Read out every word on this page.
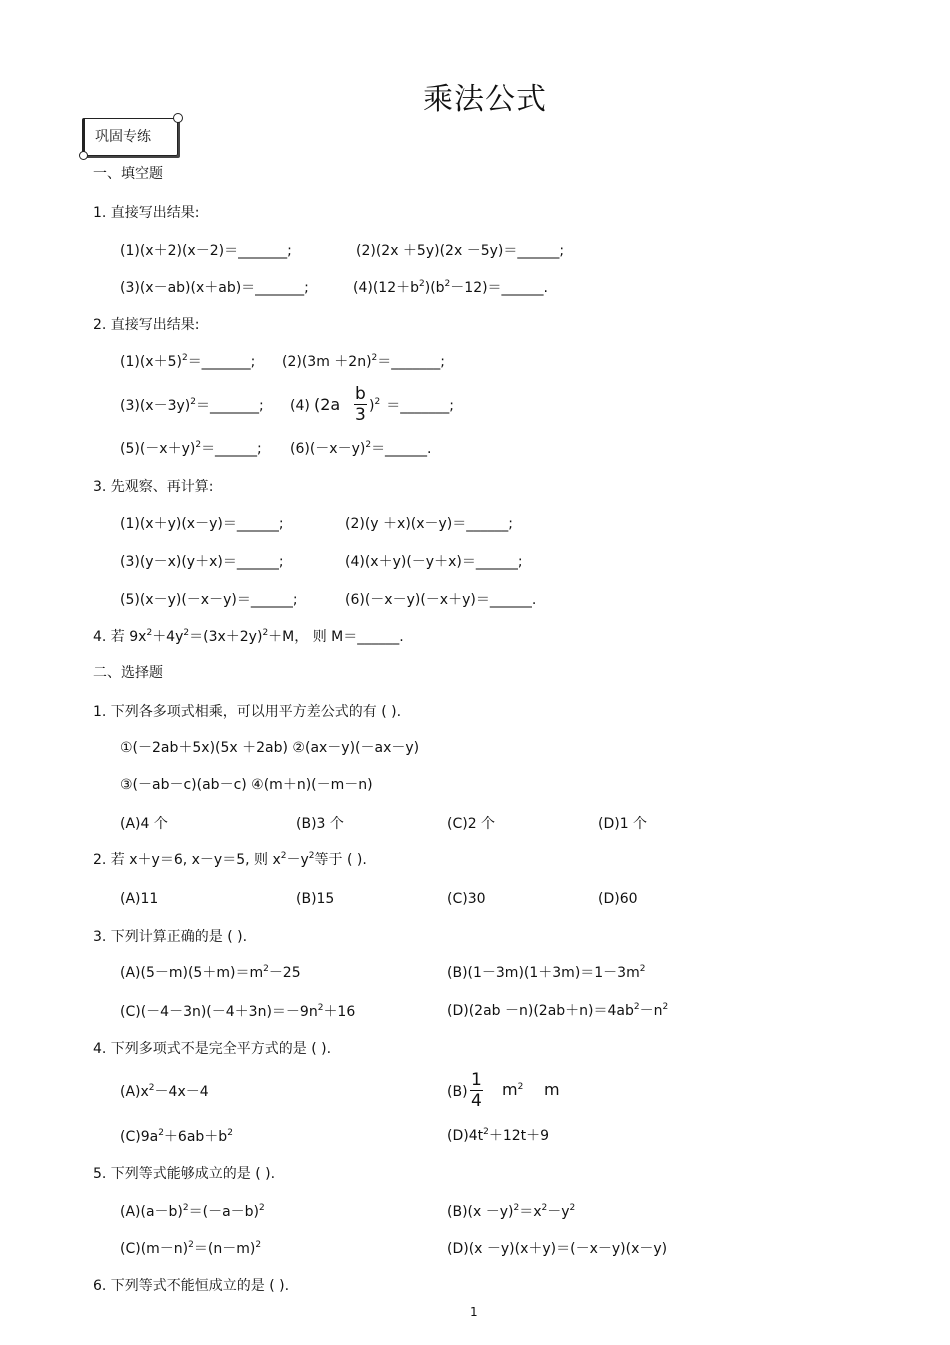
乘法公式
巩固专练
一、填空题
1. 直接写出结果:
(1)(x＋2)(x－2)＝_______;	(2)(2x ＋5y)(2x －5y)＝______;
(3)(x－ab)(x＋ab)＝_______;	$(4)(12+b^2)(b^2-12)=\_\_\_\_\_\_$.
2. 直接写出结果:
$(1)(x+5)^2=\_\_\_\_\_\_\_$; $(2)(3m +2n)^2=\_\_\_\_\_\_\_$;
$(3)(x-3y)^2=\_\_\_\_\_\_\_$; (4) $(2a \frac{b}{3} )^2$ ＝_______;
$(5)(-x+y)^2=\_\_\_\_\_\_$; $(6)(-x-y)^2=\_\_\_\_\_\_$.
3. 先观察、再计算:
(1)(x＋y)(x－y)＝______;	(2)(y ＋x)(x－y)＝______;
(3)(y－x)(y＋x)＝______;	(4)(x＋y)(－y＋x)＝______;
(5)(x－y)(－x－y)＝______;	(6)(－x－y)(－x＋y)＝______.
4. 若 $9x^2+4y^2=(3x+2y)^2+M$， 则 M＝______.
二、选择题
1. 下列各多项式相乘，可以用平方差公式的有 ( ).
①(－2ab＋5x)(5x ＋2ab) ②(ax－y)(－ax－y)
③(－ab－c)(ab－c) ④(m＋n)(－m－n)
(A)4 个	(B)3 个	(C)2 个	(D)1 个
2. 若 x＋y＝6, x－y＝5, 则 $x^2-y^2$等于 ( ).
(A)11	(B)15	(C)30	(D)60
3. 下列计算正确的是 ( ).
$(A)(5-m)(5+m)=m^2-25$	$(B)(1-3m)(1+3m)=1-3m^2$
$(C)(-4-3n)(-4+3n)=-9n^2+16$	$(D)(2ab -n)(2ab+n)=4ab^2-n^2$
4. 下列多项式不是完全平方式的是 ( ).
$(A)x^2-4x-4$	$(B) \frac{1}{4} m^2$ m
$(C)9a^2+6ab+b^2$	$(D)4t^2+12t+9$
5. 下列等式能够成立的是 ( ).
$(A)(a-b)^2=(-a-b)^2$	$(B)(x -y)^2=x^2-y^2$
$(C)(m-n)^2=(n-m)^2$	(D)(x －y)(x＋y)＝(－x－y)(x－y)
6. 下列等式不能恒成立的是 ( ).
1
